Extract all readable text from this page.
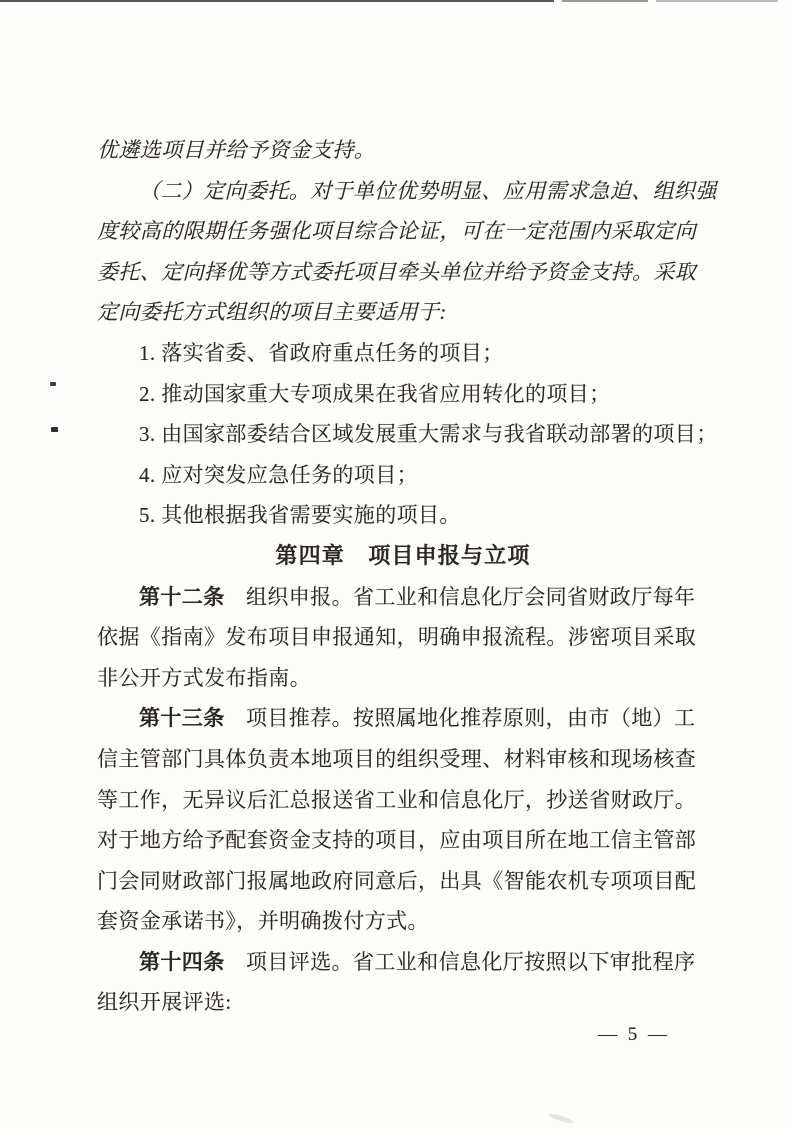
优遴选项目并给予资金支持。
（二）定向委托。对于单位优势明显、应用需求急迫、组织强
度较高的限期任务强化项目综合论证，可在一定范围内采取定向
委托、定向择优等方式委托项目牵头单位并给予资金支持。采取
定向委托方式组织的项目主要适用于:
1. 落实省委、省政府重点任务的项目；
2. 推动国家重大专项成果在我省应用转化的项目；
3. 由国家部委结合区域发展重大需求与我省联动部署的项目；
4. 应对突发应急任务的项目；
5. 其他根据我省需要实施的项目。
第四章　项目申报与立项
第十二条　组织申报。省工业和信息化厅会同省财政厅每年
依据《指南》发布项目申报通知，明确申报流程。涉密项目采取
非公开方式发布指南。
第十三条　项目推荐。按照属地化推荐原则，由市（地）工
信主管部门具体负责本地项目的组织受理、材料审核和现场核查
等工作，无异议后汇总报送省工业和信息化厅，抄送省财政厅。
对于地方给予配套资金支持的项目，应由项目所在地工信主管部
门会同财政部门报属地政府同意后，出具《智能农机专项项目配
套资金承诺书》，并明确拨付方式。
第十四条　项目评选。省工业和信息化厅按照以下审批程序
组织开展评选:
— 5 —
